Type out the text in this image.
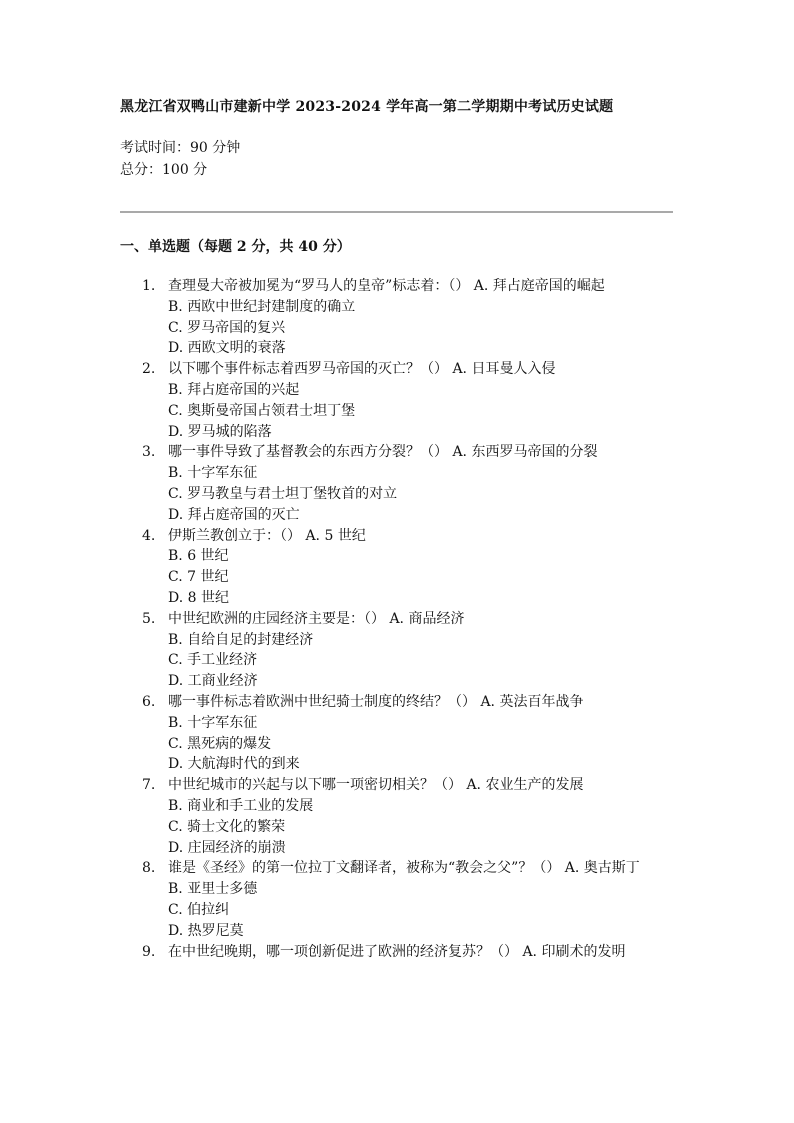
黑龙江省双鸭山市建新中学 2023-2024 学年高一第二学期期中考试历史试题
考试时间：90 分钟
总分：100 分
一、单选题（每题 2 分，共 40 分）
1. 查理曼大帝被加冕为“罗马人的皇帝”标志着：（） A. 拜占庭帝国的崛起
B. 西欧中世纪封建制度的确立
C. 罗马帝国的复兴
D. 西欧文明的衰落
2. 以下哪个事件标志着西罗马帝国的灭亡？（） A. 日耳曼人入侵
B. 拜占庭帝国的兴起
C. 奥斯曼帝国占领君士坦丁堡
D. 罗马城的陷落
3. 哪一事件导致了基督教会的东西方分裂？（） A. 东西罗马帝国的分裂
B. 十字军东征
C. 罗马教皇与君士坦丁堡牧首的对立
D. 拜占庭帝国的灭亡
4. 伊斯兰教创立于：（） A. 5 世纪
B. 6 世纪
C. 7 世纪
D. 8 世纪
5. 中世纪欧洲的庄园经济主要是：（） A. 商品经济
B. 自给自足的封建经济
C. 手工业经济
D. 工商业经济
6. 哪一事件标志着欧洲中世纪骑士制度的终结？（） A. 英法百年战争
B. 十字军东征
C. 黑死病的爆发
D. 大航海时代的到来
7. 中世纪城市的兴起与以下哪一项密切相关？（） A. 农业生产的发展
B. 商业和手工业的发展
C. 骑士文化的繁荣
D. 庄园经济的崩溃
8. 谁是《圣经》的第一位拉丁文翻译者，被称为“教会之父”？（） A. 奥古斯丁
B. 亚里士多德
C. 伯拉纠
D. 热罗尼莫
9. 在中世纪晚期，哪一项创新促进了欧洲的经济复苏？（） A. 印刷术的发明
